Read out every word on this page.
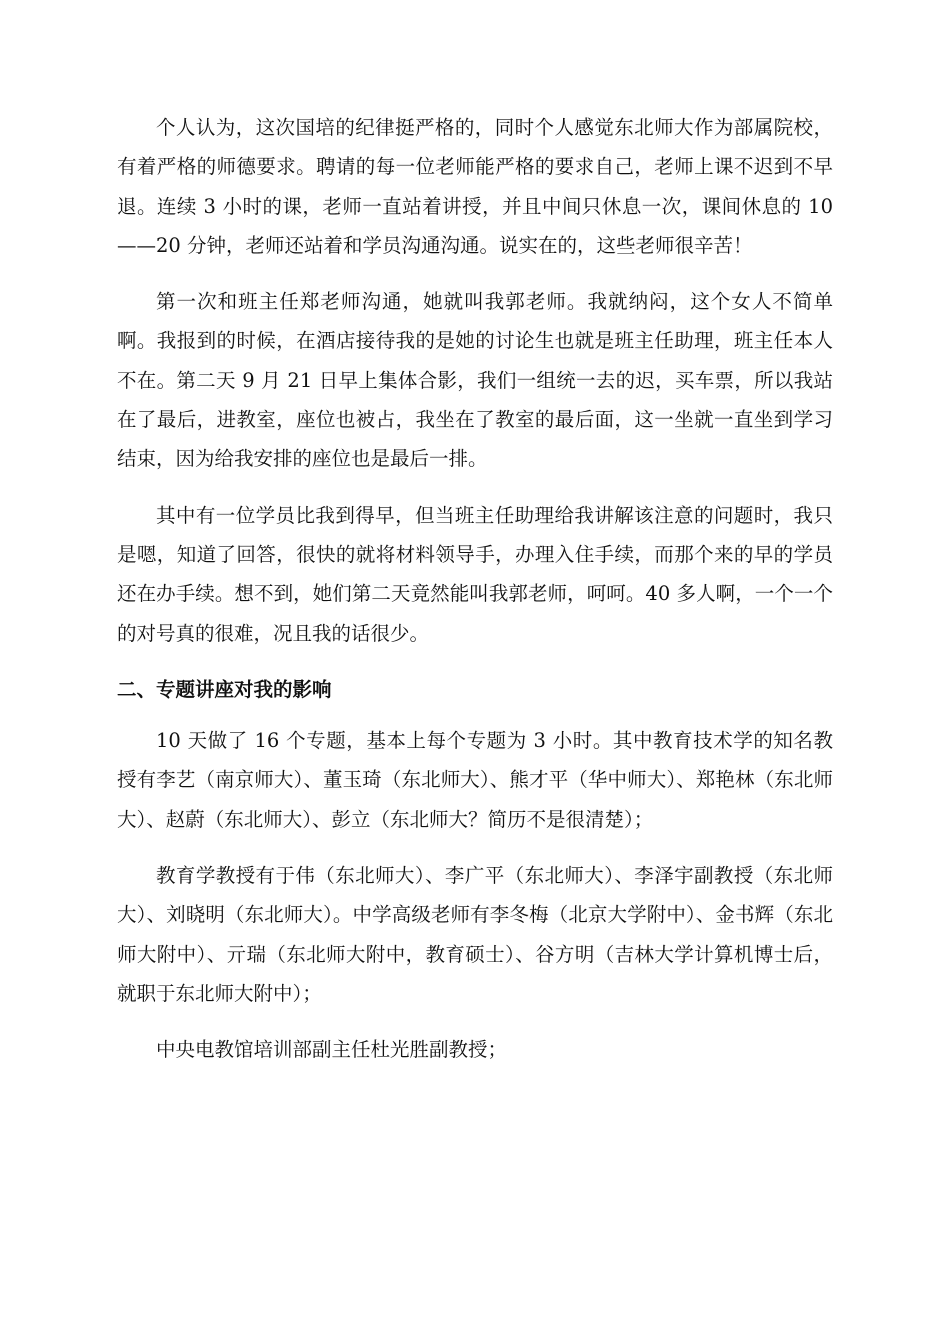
个人认为，这次国培的纪律挺严格的，同时个人感觉东北师大作为部属院校，有着严格的师德要求。聘请的每一位老师能严格的要求自己，老师上课不迟到不早退。连续 3 小时的课，老师一直站着讲授，并且中间只休息一次，课间休息的 10——20 分钟，老师还站着和学员沟通沟通。说实在的，这些老师很辛苦！

第一次和班主任郑老师沟通，她就叫我郭老师。我就纳闷，这个女人不简单啊。我报到的时候，在酒店接待我的是她的讨论生也就是班主任助理，班主任本人不在。第二天 9 月 21 日早上集体合影，我们一组统一去的迟，买车票，所以我站在了最后，进教室，座位也被占，我坐在了教室的最后面，这一坐就一直坐到学习结束，因为给我安排的座位也是最后一排。

其中有一位学员比我到得早，但当班主任助理给我讲解该注意的问题时，我只是嗯，知道了回答，很快的就将材料领导手，办理入住手续，而那个来的早的学员还在办手续。想不到，她们第二天竟然能叫我郭老师，呵呵。40 多人啊，一个一个的对号真的很难，况且我的话很少。

二、专题讲座对我的影响

10 天做了 16 个专题，基本上每个专题为 3 小时。其中教育技术学的知名教授有李艺（南京师大）、董玉琦（东北师大）、熊才平（华中师大）、郑艳林（东北师大）、赵蔚（东北师大）、彭立（东北师大？简历不是很清楚）；

教育学教授有于伟（东北师大）、李广平（东北师大）、李泽宇副教授（东北师大）、刘晓明（东北师大）。中学高级老师有李冬梅（北京大学附中）、金书辉（东北师大附中）、亓瑞（东北师大附中，教育硕士）、谷方明（吉林大学计算机博士后，就职于东北师大附中）；

中央电教馆培训部副主任杜光胜副教授；
